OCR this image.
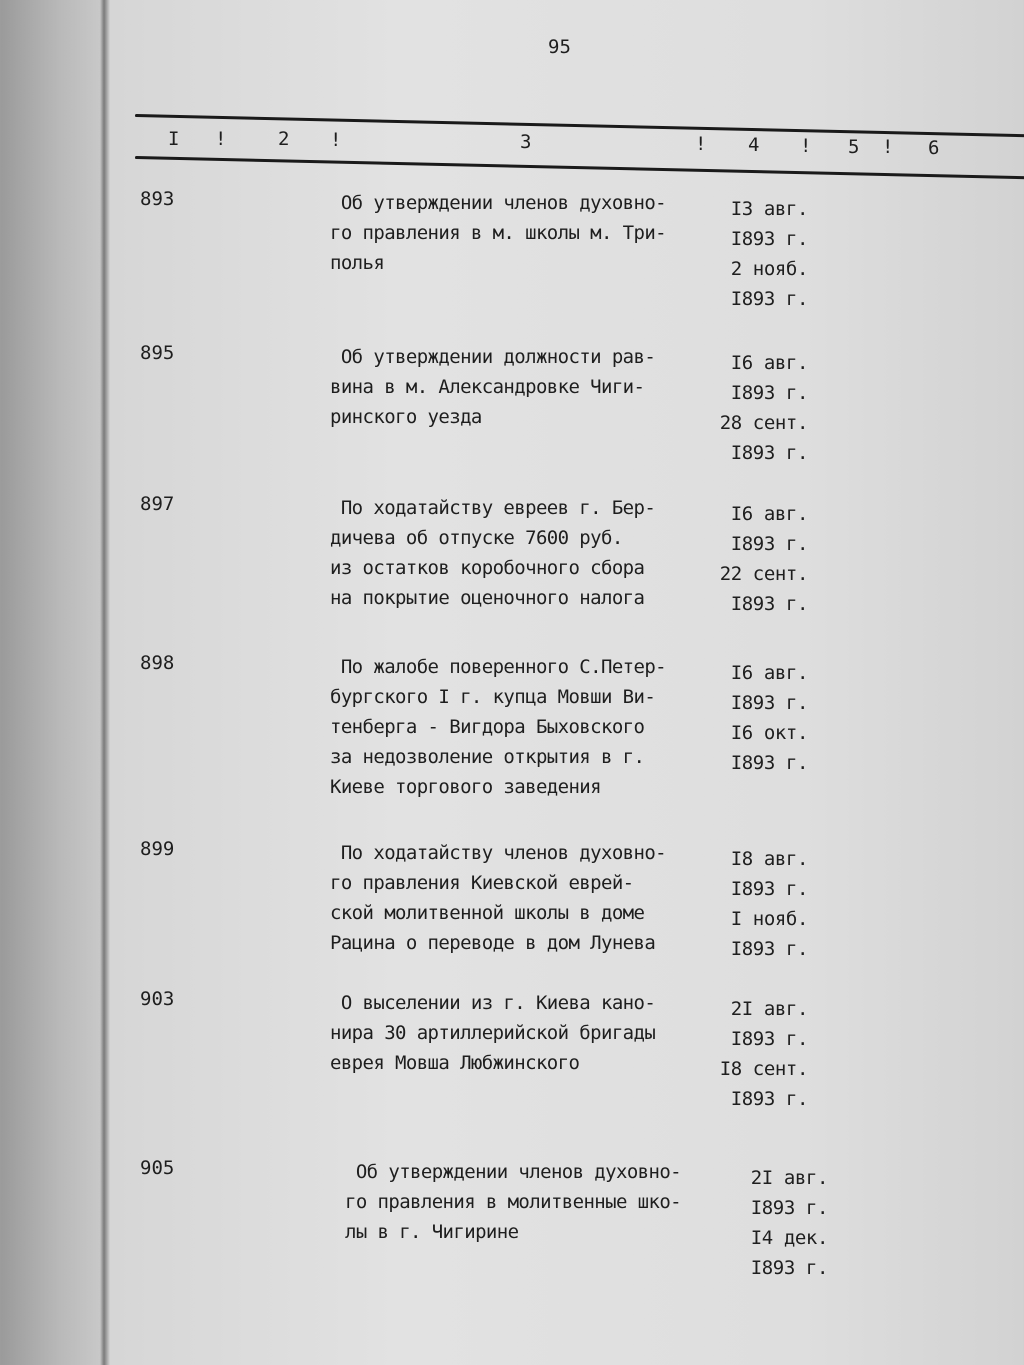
95
I !	2 !	3	! 4 ! 5 ! 6
893	Об утверждении членов духовно-
го правления в м. школы м. Три-
полья
I3 авг.
I893 г.
2 нояб.
I893 г.
895	Об утверждении должности рав-
вина в м. Александровке Чиги-
ринского уезда
I6 авг.
I893 г.
28 сент.
I893 г.
897	По ходатайству евреев г. Бер-
дичева об отпуске 7600 руб.
из остатков коробочного сбора
на покрытие оценочного налога
I6 авг.
I893 г.
22 сент.
I893 г.
898	По жалобе поверенного С.Петер-
бургского I г. купца Мовши Ви-
тенберга - Вигдора Быховского
за недозволение открытия в г.
Киеве торгового заведения
I6 авг.
I893 г.
I6 окт.
I893 г.
899	По ходатайству членов духовно-
го правления Киевской еврей-
ской молитвенной школы в доме
Рацина о переводе в дом Лунева
I8 авг.
I893 г.
I нояб.
I893 г.
903	О выселении из г. Киева кано-
нира 30 артиллерийской бригады
еврея Мовша Любжинского
2I авг.
I893 г.
I8 сент.
I893 г.
905	Об утверждении членов духовно-
го правления в молитвенные шко-
лы в г. Чигирине
2I авг.
I893 г.
I4 дек.
I893 г.
